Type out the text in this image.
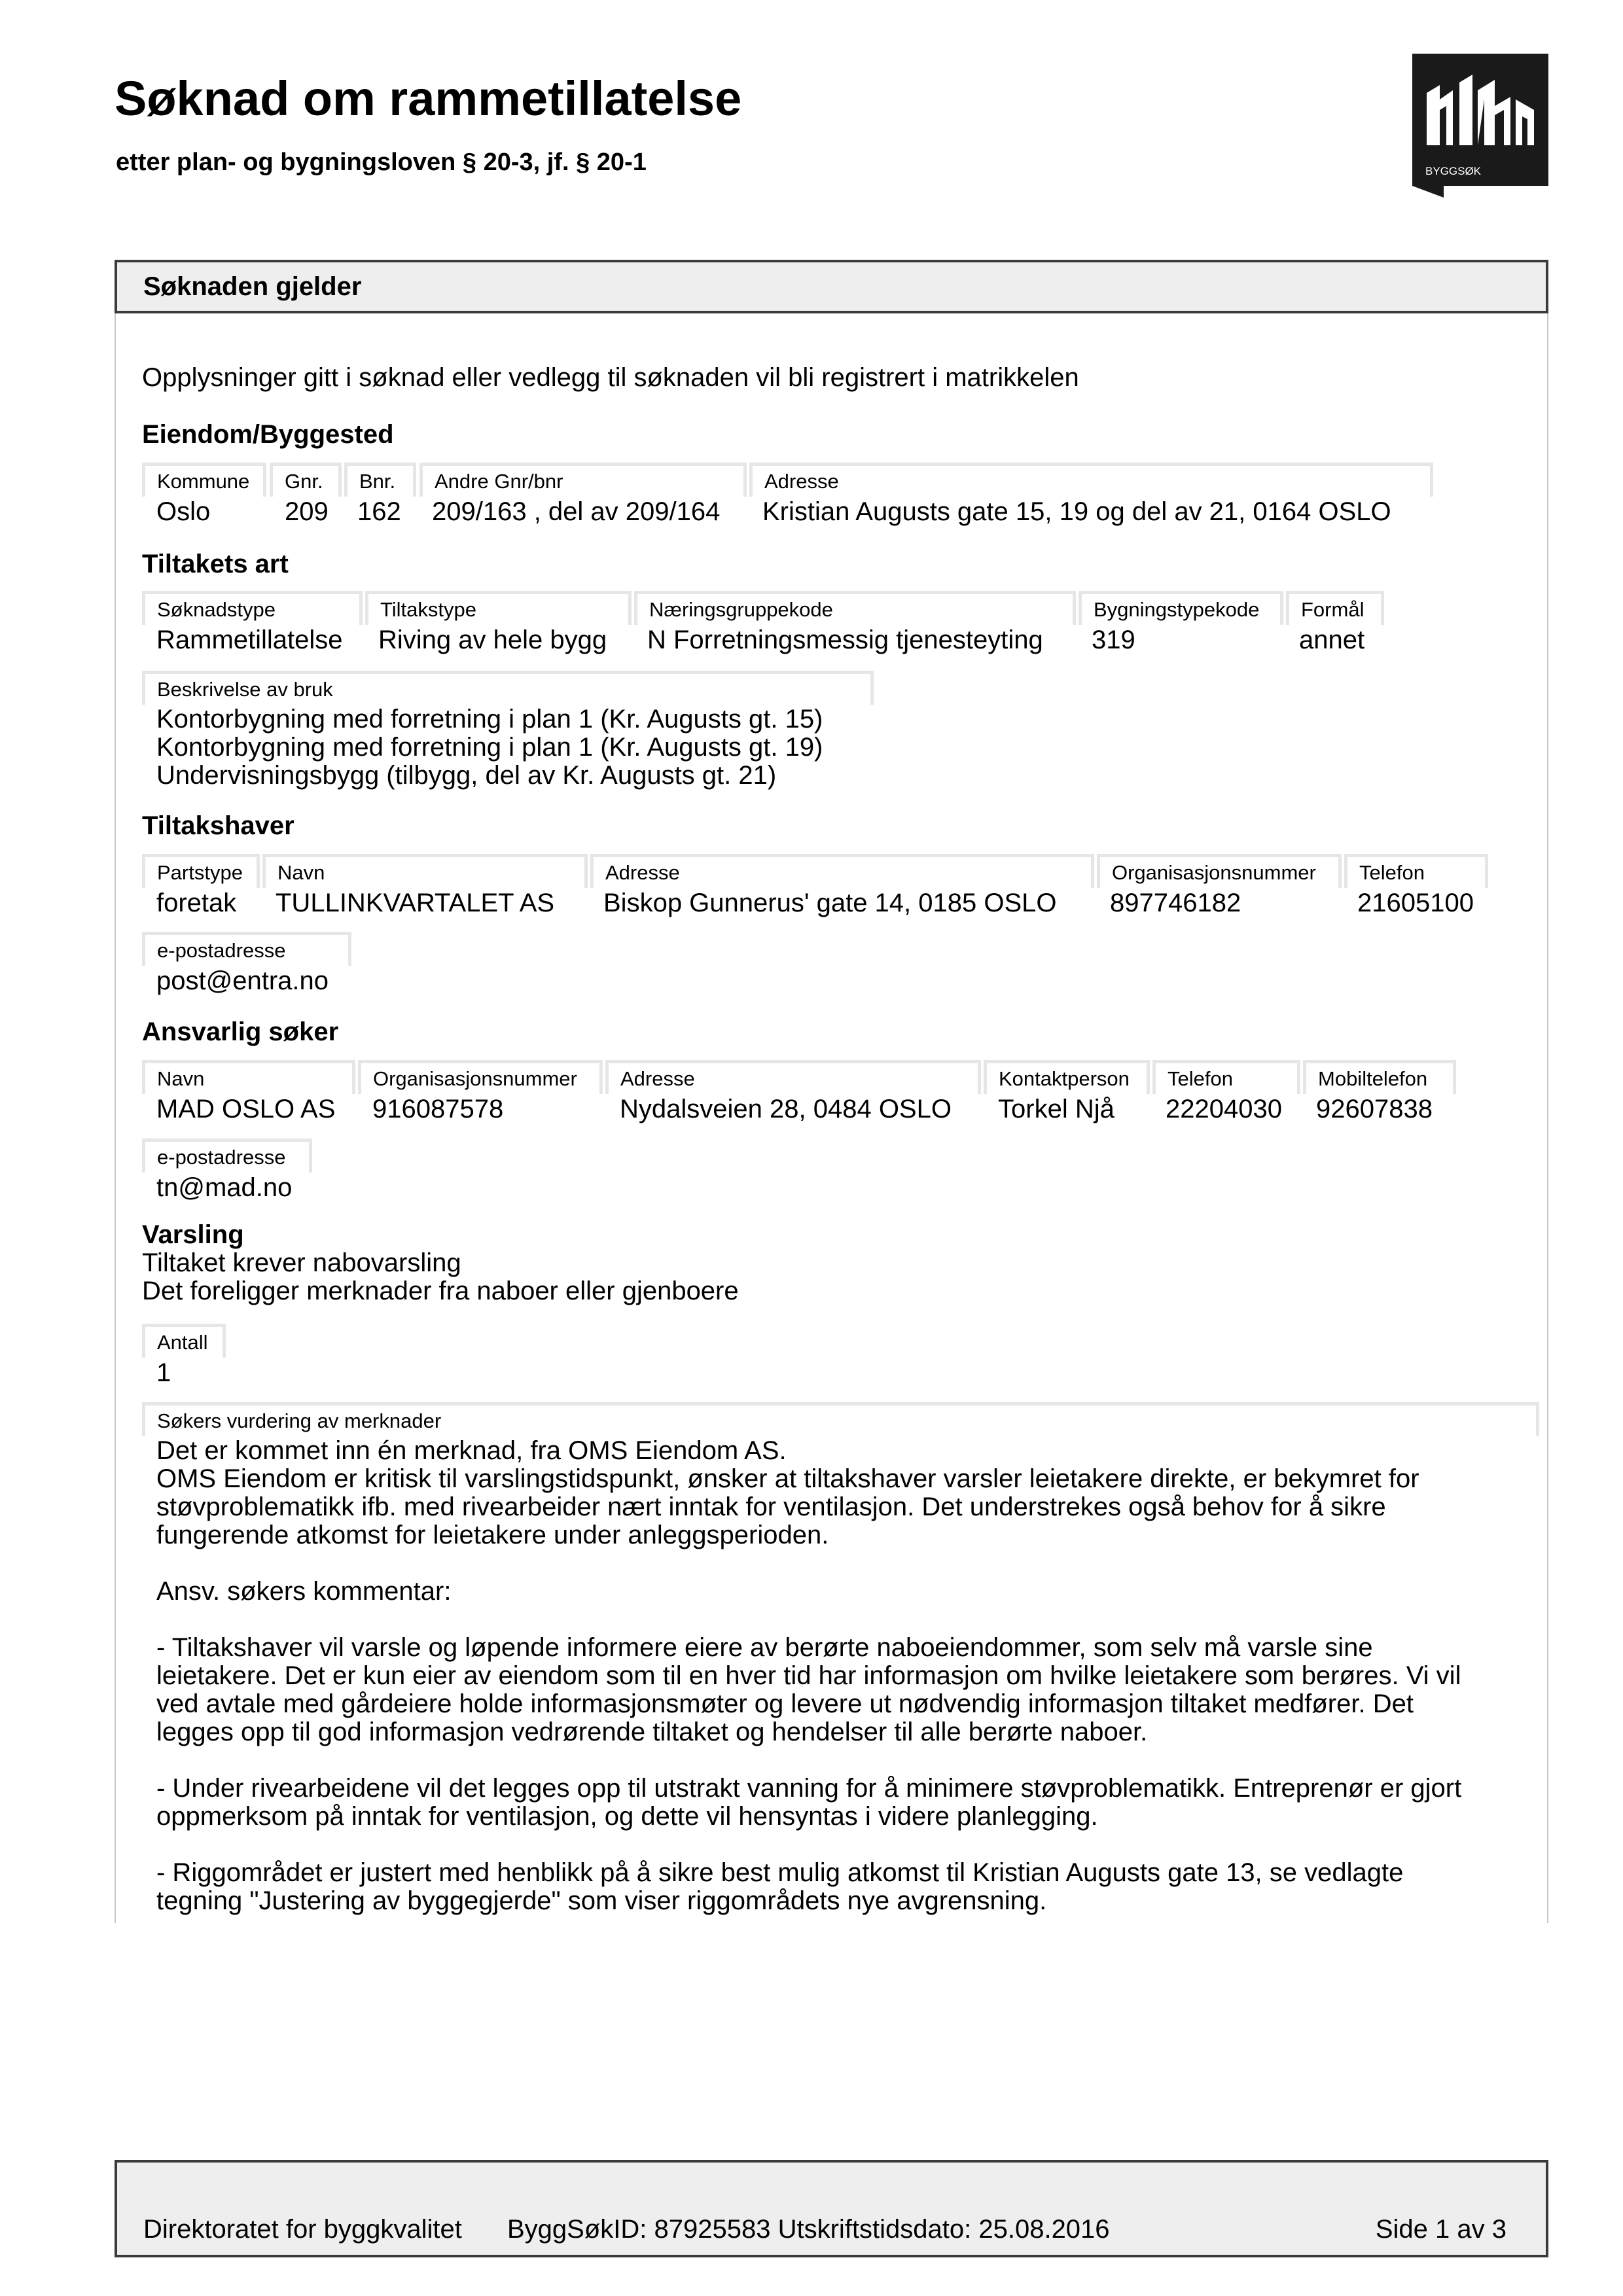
Søknad om rammetillatelse
etter plan- og bygningsloven § 20-3, jf. § 20-1	BYGGSØK
Søknaden gjelder
Opplysninger gitt i søknad eller vedlegg til søknaden vil bli registrert i matrikkelen
Eiendom/Byggested
Kommune
Oslo
Gnr.
209
Bnr.
162
Andre Gnr/bnr
209/163 , del av 209/164
Adresse
Kristian Augusts gate 15, 19 og del av 21, 0164 OSLO
Tiltakets art
Søknadstype
Rammetillatelse
Tiltakstype
Riving av hele bygg
Næringsgruppekode
N Forretningsmessig tjenesteyting
Bygningstypekode
319
Formål
annet
Beskrivelse av bruk
Kontorbygning med forretning i plan 1 (Kr. Augusts gt. 15)
Kontorbygning med forretning i plan 1 (Kr. Augusts gt. 19)
Undervisningsbygg (tilbygg, del av Kr. Augusts gt. 21)
Tiltakshaver
Partstype
foretak
Navn
TULLINKVARTALET AS
Adresse
Biskop Gunnerus' gate 14, 0185 OSLO
Organisasjonsnummer
897746182
Telefon
21605100
e-postadresse
post@entra.no
Ansvarlig søker
Navn
MAD OSLO AS
Organisasjonsnummer
916087578
Adresse
Nydalsveien 28, 0484 OSLO
Kontaktperson
Torkel Njå
Telefon
22204030
Mobiltelefon
92607838
e-postadresse
tn@mad.no
Varsling
Tiltaket krever nabovarsling
Det foreligger merknader fra naboer eller gjenboere
Antall
1
Søkers vurdering av merknader
Det er kommet inn én merknad, fra OMS Eiendom AS.
OMS Eiendom er kritisk til varslingstidspunkt, ønsker at tiltakshaver varsler leietakere direkte, er bekymret for
støvproblematikk ifb. med rivearbeider nært inntak for ventilasjon. Det understrekes også behov for å sikre
fungerende atkomst for leietakere under anleggsperioden.

Ansv. søkers kommentar:

- Tiltakshaver vil varsle og løpende informere eiere av berørte naboeiendommer, som selv må varsle sine
leietakere. Det er kun eier av eiendom som til en hver tid har informasjon om hvilke leietakere som berøres. Vi vil
ved avtale med gårdeiere holde informasjonsmøter og levere ut nødvendig informasjon tiltaket medfører. Det
legges opp til god informasjon vedrørende tiltaket og hendelser til alle berørte naboer.

- Under rivearbeidene vil det legges opp til utstrakt vanning for å minimere støvproblematikk. Entreprenør er gjort
oppmerksom på inntak for ventilasjon, og dette vil hensyntas i videre planlegging.

- Riggområdet er justert med henblikk på å sikre best mulig atkomst til Kristian Augusts gate 13, se vedlagte
tegning "Justering av byggegjerde" som viser riggområdets nye avgrensning.
Direktoratet for byggkvalitet ByggSøkID: 87925583 Utskriftstidsdato: 25.08.2016	Side 1 av 3
